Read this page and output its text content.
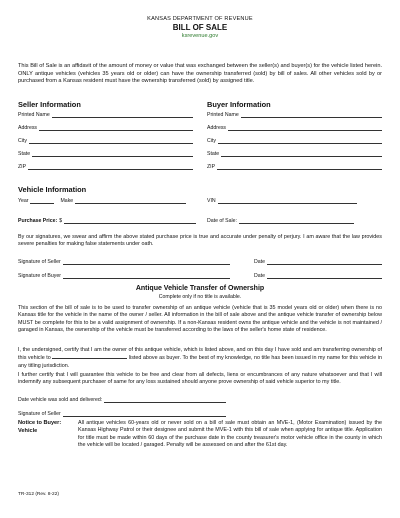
KANSAS DEPARTMENT OF REVENUE
BILL OF SALE
ksrevenue.gov
This Bill of Sale is an affidavit of the amount of money or value that was exchanged between the seller(s) and buyer(s) for the vehicle listed herein. ONLY antique vehicles (vehicles 35 years old or older) can have the ownership transferred (sold) by bill of sales. All other vehicles sold by or purchased from a Kansas resident must have the ownership transferred (sold) by assigned title.
Seller Information
Printed Name
Address
City
State
ZIP
Buyer Information
Printed Name
Address
City
State
ZIP
Vehicle Information
Year	Make	VIN
Purchase Price: $	Date of Sale:
By our signatures, we swear and affirm the above stated purchase price is true and accurate under penalty of perjury. I am aware that the law provides severe penalties for making false statements under oath.
Signature of Seller	Date
Signature of Buyer	Date
Antique Vehicle Transfer of Ownership
Complete only if no title is available.
This section of the bill of sale is to be used to transfer ownership of an antique vehicle (vehicle that is 35 model years old or older) when there is no Kansas title for the vehicle in the name of the owner / seller. All information in the bill of sale above and the antique vehicle transfer of ownership below MUST be complete for this to be a valid assignment of ownership. If a non-Kansas resident owns the antique vehicle and the vehicle is not maintained / garaged in Kansas, the ownership of the vehicle must be transferred according to the laws of the seller's home state of residence.
I, the undersigned, certify that I am the owner of this antique vehicle, which is listed above, and on this day I have sold and am transferring ownership of this vehicle to	listed above as buyer. To the best of my knowledge, no title has been issued in my name for this vehicle in any titling jurisdiction.
I further certify that I will guarantee this vehicle to be free and clear from all defects, liens or encumbrances of any nature whatsoever and that I will indemnify any subsequent purchaser of same for any loss sustained should anyone prove ownership of said vehicle superior to my title.
Date vehicle was sold and delivered:
Signature of Seller
Notice to Buyer:
Vehicle
All antique vehicles 60-years old or never sold on a bill of sale must obtain an MVE-1, (Motor Examination) issued by the Kansas Highway Patrol or their designee and submit the MVE-1 with this bill of sale when applying for antique title. Application for title must be made within 60 days of the purchase date in the county treasurer's motor vehicle office in the county in which the vehicle will be located / garaged. Penalty will be assessed on and after the 61st day.
TR-312 (Rev. 8-22)
